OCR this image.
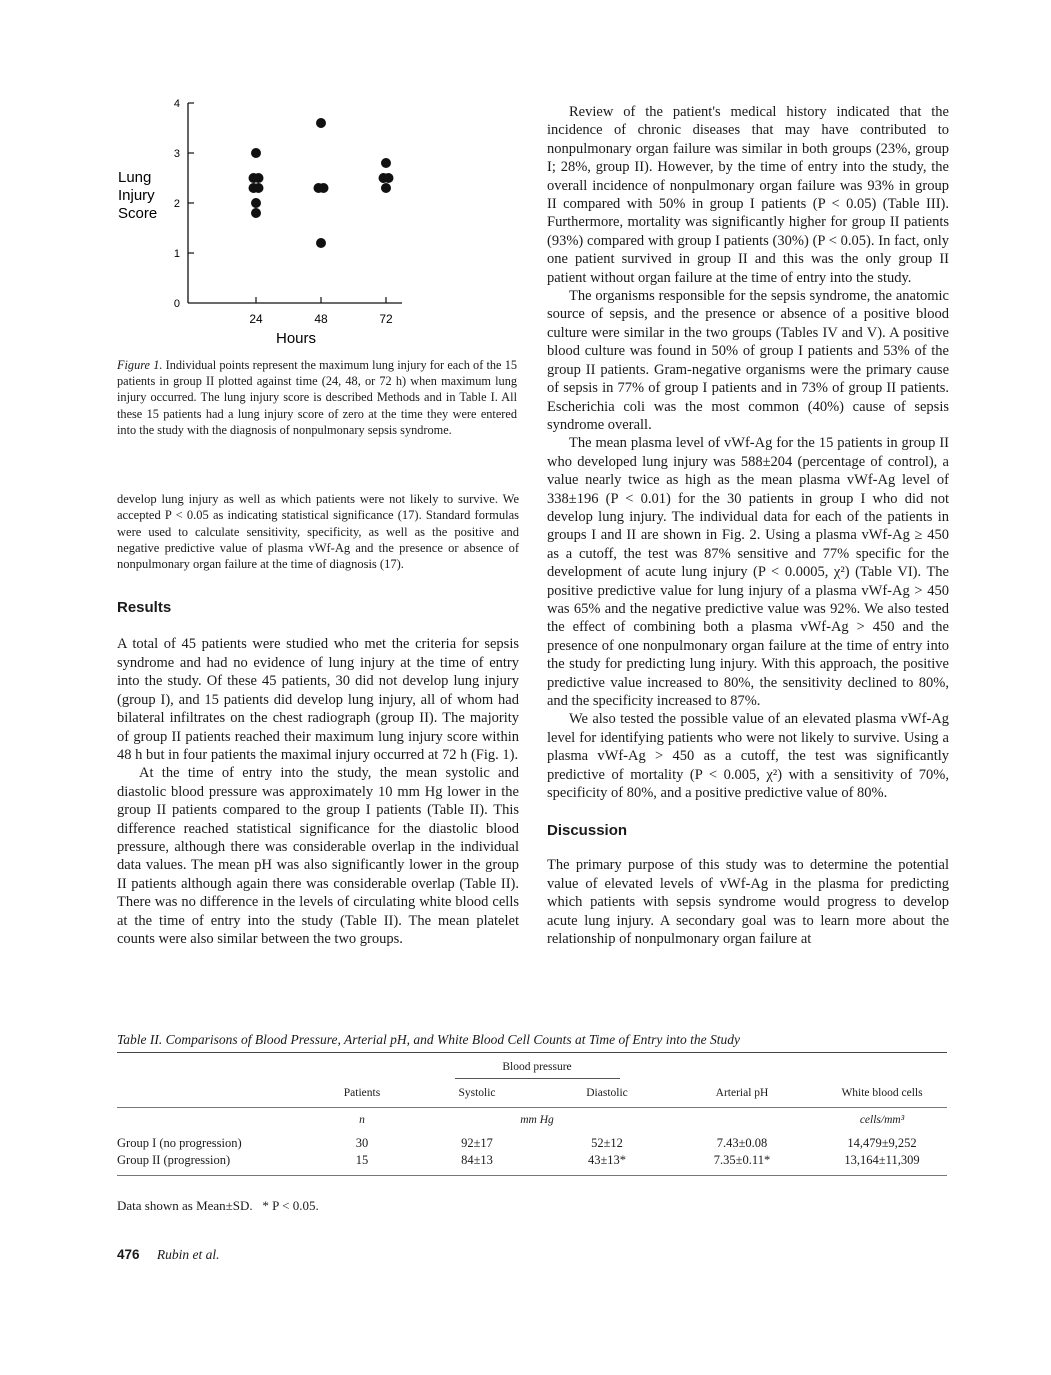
0
1
2
3
4
24	48	72
Lung
Injury
Score
Hours

Figure 1. Individual points represent the maximum lung injury for each of the 15 patients in group II plotted against time (24, 48, or 72 h) when maximum lung injury occurred. The lung injury score is described Methods and in Table I. All these 15 patients had a lung injury score of zero at the time they were entered into the study with the diagnosis of nonpulmonary sepsis syndrome.

develop lung injury as well as which patients were not likely to survive. We accepted P < 0.05 as indicating statistical significance (17). Standard formulas were used to calculate sensitivity, specificity, as well as the positive and negative predictive value of plasma vWf-Ag and the presence or absence of nonpulmonary organ failure at the time of diagnosis (17).

Results

A total of 45 patients were studied who met the criteria for sepsis syndrome and had no evidence of lung injury at the time of entry into the study. Of these 45 patients, 30 did not develop lung injury (group I), and 15 patients did develop lung injury, all of whom had bilateral infiltrates on the chest radiograph (group II). The majority of group II patients reached their maximum lung injury score within 48 h but in four patients the maximal injury occurred at 72 h (Fig. 1).

At the time of entry into the study, the mean systolic and diastolic blood pressure was approximately 10 mm Hg lower in the group II patients compared to the group I patients (Table II). This difference reached statistical significance for the diastolic blood pressure, although there was considerable overlap in the individual data values. The mean pH was also significantly lower in the group II patients although again there was considerable overlap (Table II). There was no difference in the levels of circulating white blood cells at the time of entry into the study (Table II). The mean platelet counts were also similar between the two groups.

Review of the patient's medical history indicated that the incidence of chronic diseases that may have contributed to nonpulmonary organ failure was similar in both groups (23%, group I; 28%, group II). However, by the time of entry into the study, the overall incidence of nonpulmonary organ failure was 93% in group II compared with 50% in group I patients (P < 0.05) (Table III). Furthermore, mortality was significantly higher for group II patients (93%) compared with group I patients (30%) (P < 0.05). In fact, only one patient survived in group II and this was the only group II patient without organ failure at the time of entry into the study.

The organisms responsible for the sepsis syndrome, the anatomic source of sepsis, and the presence or absence of a positive blood culture were similar in the two groups (Tables IV and V). A positive blood culture was found in 50% of group I patients and 53% of the group II patients. Gram-negative organisms were the primary cause of sepsis in 77% of group I patients and in 73% of group II patients. Escherichia coli was the most common (40%) cause of sepsis syndrome overall.

The mean plasma level of vWf-Ag for the 15 patients in group II who developed lung injury was 588±204 (percentage of control), a value nearly twice as high as the mean plasma vWf-Ag level of 338±196 (P < 0.01) for the 30 patients in group I who did not develop lung injury. The individual data for each of the patients in groups I and II are shown in Fig. 2. Using a plasma vWf-Ag ≥ 450 as a cutoff, the test was 87% sensitive and 77% specific for the development of acute lung injury (P < 0.0005, χ²) (Table VI). The positive predictive value for lung injury of a plasma vWf-Ag > 450 was 65% and the negative predictive value was 92%. We also tested the effect of combining both a plasma vWf-Ag > 450 and the presence of one nonpulmonary organ failure at the time of entry into the study for predicting lung injury. With this approach, the positive predictive value increased to 80%, the sensitivity declined to 80%, and the specificity increased to 87%.

We also tested the possible value of an elevated plasma vWf-Ag level for identifying patients who were not likely to survive. Using a plasma vWf-Ag > 450 as a cutoff, the test was significantly predictive of mortality (P < 0.005, χ²) with a sensitivity of 70%, specificity of 80%, and a positive predictive value of 80%.

Discussion

The primary purpose of this study was to determine the potential value of elevated levels of vWf-Ag in the plasma for predicting which patients with sepsis syndrome would progress to develop acute lung injury. A secondary goal was to learn more about the relationship of nonpulmonary organ failure at

Table II. Comparisons of Blood Pressure, Arterial pH, and White Blood Cell Counts at Time of Entry into the Study

		Blood pressure			
	Patients	Systolic	Diastolic	Arterial pH	White blood cells
	n	mm Hg			cells/mm³
Group I (no progression)	30	92±17	52±12	7.43±0.08	14,479±9,252
Group II (progression)	15	84±13	43±13*	7.35±0.11*	13,164±11,309

Data shown as Mean±SD.   * P < 0.05.

476 Rubin et al.
